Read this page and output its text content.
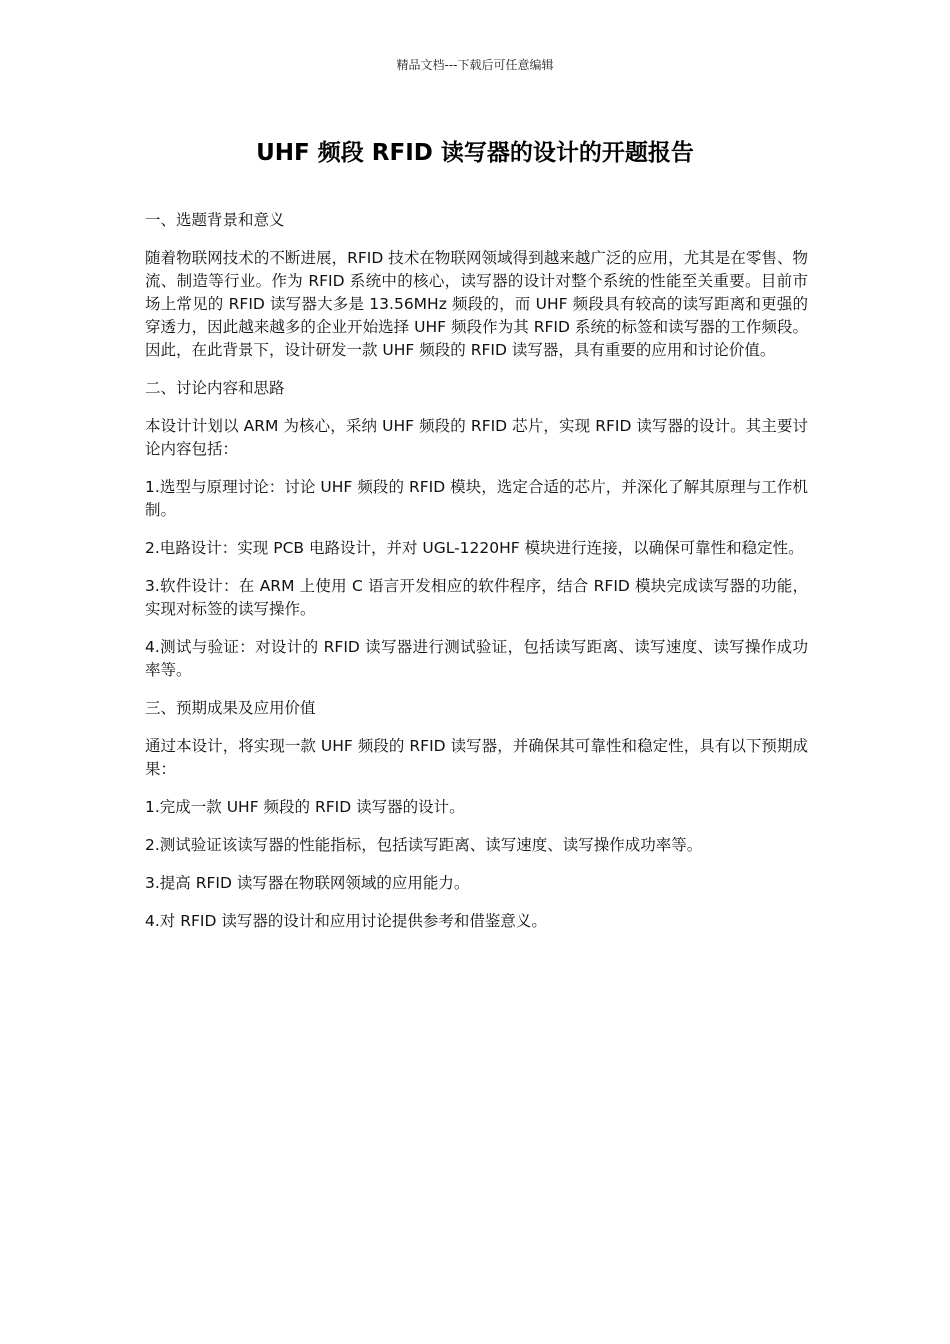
精品文档---下载后可任意编辑
UHF 频段 RFID 读写器的设计的开题报告

一、选题背景和意义

随着物联网技术的不断进展，RFID 技术在物联网领域得到越来越广泛的应用，尤其是在零售、物流、制造等行业。作为 RFID 系统中的核心，读写器的设计对整个系统的性能至关重要。目前市场上常见的 RFID 读写器大多是 13.56MHz 频段的，而 UHF 频段具有较高的读写距离和更强的穿透力，因此越来越多的企业开始选择 UHF 频段作为其 RFID 系统的标签和读写器的工作频段。因此，在此背景下，设计研发一款 UHF 频段的 RFID 读写器，具有重要的应用和讨论价值。

二、讨论内容和思路

本设计计划以 ARM 为核心，采纳 UHF 频段的 RFID 芯片，实现 RFID 读写器的设计。其主要讨论内容包括：

1.选型与原理讨论：讨论 UHF 频段的 RFID 模块，选定合适的芯片，并深化了解其原理与工作机制。

2.电路设计：实现 PCB 电路设计，并对 UGL-1220HF 模块进行连接，以确保可靠性和稳定性。

3.软件设计：在 ARM 上使用 C 语言开发相应的软件程序，结合 RFID 模块完成读写器的功能，实现对标签的读写操作。

4.测试与验证：对设计的 RFID 读写器进行测试验证，包括读写距离、读写速度、读写操作成功率等。

三、预期成果及应用价值

通过本设计，将实现一款 UHF 频段的 RFID 读写器，并确保其可靠性和稳定性，具有以下预期成果：

1.完成一款 UHF 频段的 RFID 读写器的设计。

2.测试验证该读写器的性能指标，包括读写距离、读写速度、读写操作成功率等。

3.提高 RFID 读写器在物联网领域的应用能力。

4.对 RFID 读写器的设计和应用讨论提供参考和借鉴意义。
